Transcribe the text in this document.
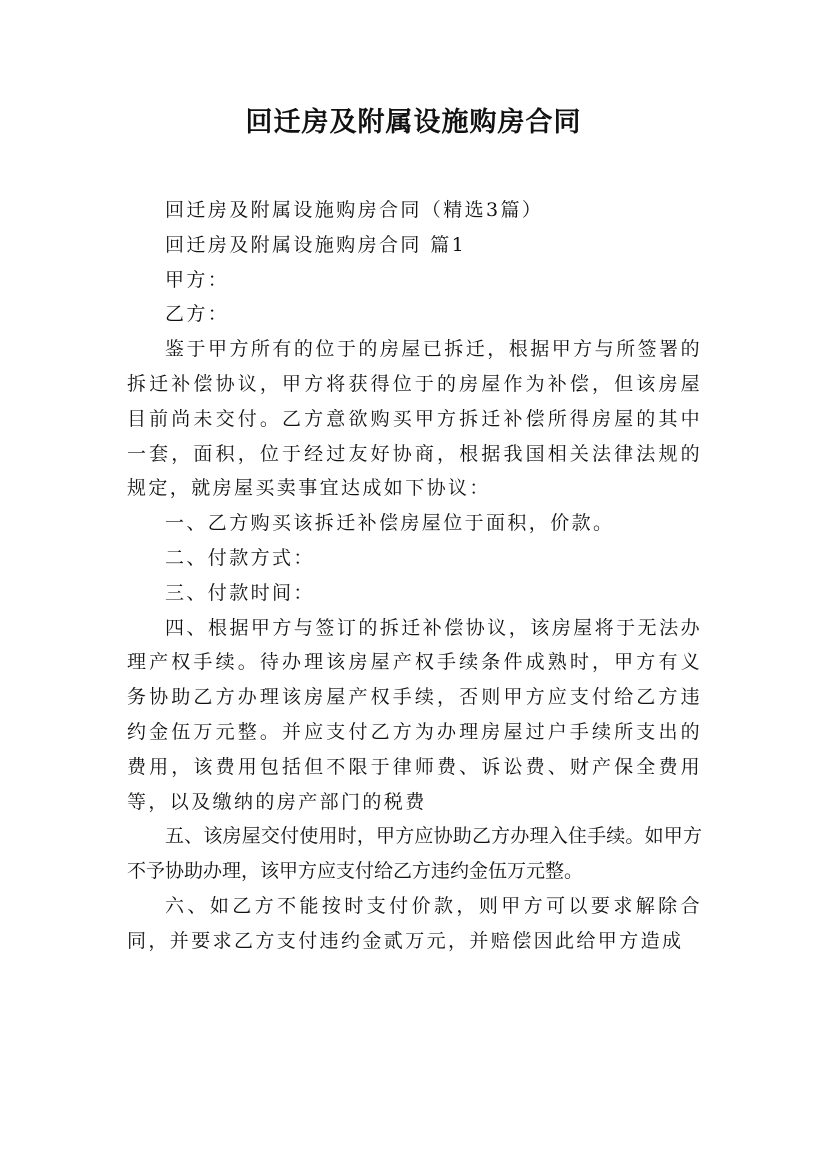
回迁房及附属设施购房合同

回迁房及附属设施购房合同（精选3篇）

回迁房及附属设施购房合同 篇1

甲方：

乙方：

鉴于甲方所有的位于的房屋已拆迁，根据甲方与所签署的拆迁补偿协议，甲方将获得位于的房屋作为补偿，但该房屋目前尚未交付。乙方意欲购买甲方拆迁补偿所得房屋的其中一套，面积，位于经过友好协商，根据我国相关法律法规的规定，就房屋买卖事宜达成如下协议：

一、乙方购买该拆迁补偿房屋位于面积，价款。

二、付款方式：

三、付款时间：

四、根据甲方与签订的拆迁补偿协议，该房屋将于无法办理产权手续。待办理该房屋产权手续条件成熟时，甲方有义务协助乙方办理该房屋产权手续，否则甲方应支付给乙方违约金伍万元整。并应支付乙方为办理房屋过户手续所支出的费用，该费用包括但不限于律师费、诉讼费、财产保全费用等，以及缴纳的房产部门的税费

五、该房屋交付使用时，甲方应协助乙方办理入住手续。如甲方不予协助办理，该甲方应支付给乙方违约金伍万元整。

六、如乙方不能按时支付价款，则甲方可以要求解除合同，并要求乙方支付违约金贰万元，并赔偿因此给甲方造成
